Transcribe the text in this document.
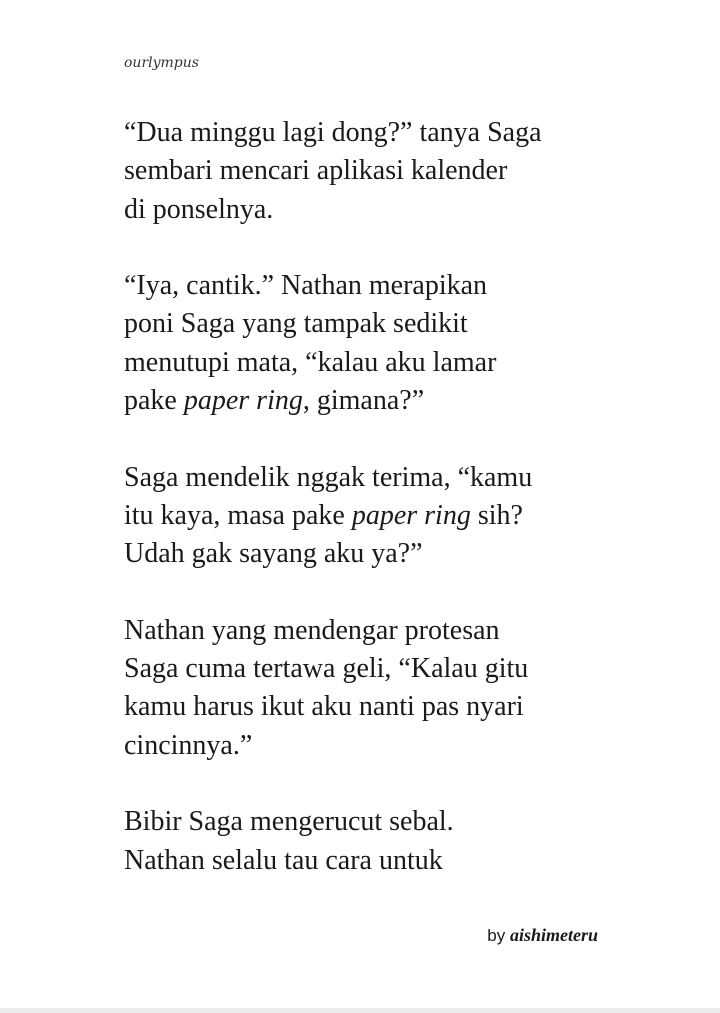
ourlympus
“Dua minggu lagi dong?” tanya Saga
sembari mencari aplikasi kalender
di ponselnya.
“Iya, cantik.” Nathan merapikan
poni Saga yang tampak sedikit
menutupi mata, “kalau aku lamar
pake paper ring, gimana?”
Saga mendelik nggak terima, “kamu
itu kaya, masa pake paper ring sih?
Udah gak sayang aku ya?”
Nathan yang mendengar protesan
Saga cuma tertawa geli, “Kalau gitu
kamu harus ikut aku nanti pas nyari
cincinnya.”
Bibir Saga mengerucut sebal.
Nathan selalu tau cara untuk
by aishimeteru
